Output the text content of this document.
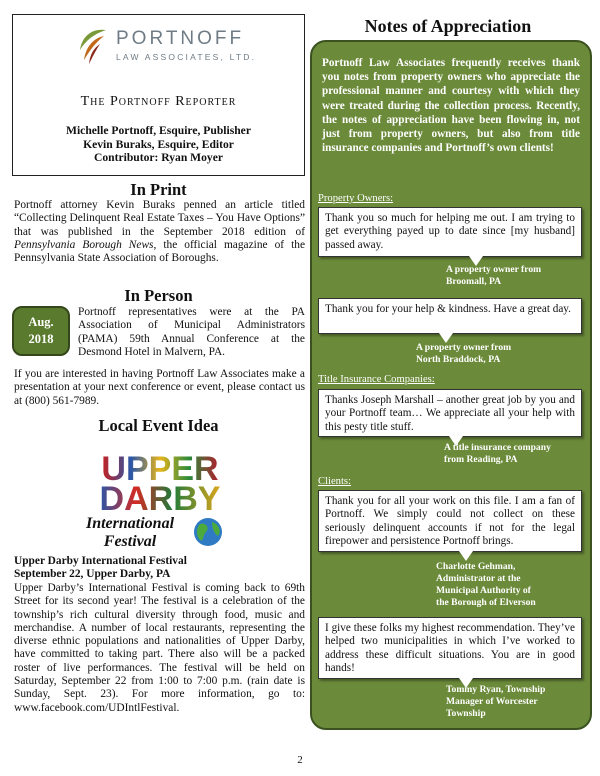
PORTNOFF
LAW ASSOCIATES, LTD.
The Portnoff Reporter
Michelle Portnoff, Esquire, Publisher
Kevin Buraks, Esquire, Editor
Contributor: Ryan Moyer
In Print
Portnoff attorney Kevin Buraks penned an article titled “Collecting Delinquent Real Estate Taxes – You Have Options” that was published in the September 2018 edition of Pennsylvania Borough News, the official magazine of the Pennsylvania State Association of Boroughs.
In Person
Aug.
2018
Portnoff representatives were at the PA Association of Municipal Administrators (PAMA) 59th Annual Conference at the Desmond Hotel in Malvern, PA.
If you are interested in having Portnoff Law Associates make a presentation at your next conference or event, please contact us at (800) 561-7989.
Local Event Idea
UPPER
DARBY
International
Festival
Upper Darby International Festival
September 22, Upper Darby, PA
Upper Darby’s International Festival is coming back to 69th Street for its second year! The festival is a celebration of the township’s rich cultural diversity through food, music and merchandise. A number of local restaurants, representing the diverse ethnic populations and nationalities of Upper Darby, have committed to taking part. There also will be a packed roster of live performances. The festival will be held on Saturday, September 22 from 1:00 to 7:00 p.m. (rain date is Sunday, Sept. 23). For more information, go to: www.facebook.com/UDIntlFestival.
Notes of Appreciation
Portnoff Law Associates frequently receives thank you notes from property owners who appreciate the professional manner and courtesy with which they were treated during the collection process. Recently, the notes of appreciation have been flowing in, not just from property owners, but also from title insurance companies and Portnoff’s own clients!
Property Owners:
Thank you so much for helping me out. I am trying to get everything payed up to date since [my husband] passed away.
A property owner from
Broomall, PA
Thank you for your help & kindness. Have a great day.
A property owner from
North Braddock, PA
Title Insurance Companies:
Thanks Joseph Marshall – another great job by you and your Portnoff team… We appreciate all your help with this pesty title stuff.
A title insurance company
from Reading, PA
Clients:
Thank you for all your work on this file. I am a fan of Portnoff. We simply could not collect on these seriously delinquent accounts if not for the legal firepower and persistence Portnoff brings.
Charlotte Gehman,
Administrator at the
Municipal Authority of
the Borough of Elverson
I give these folks my highest recommendation. They’ve helped two municipalities in which I’ve worked to address these difficult situations. You are in good hands!
Tommy Ryan, Township
Manager of Worcester
Township
2
